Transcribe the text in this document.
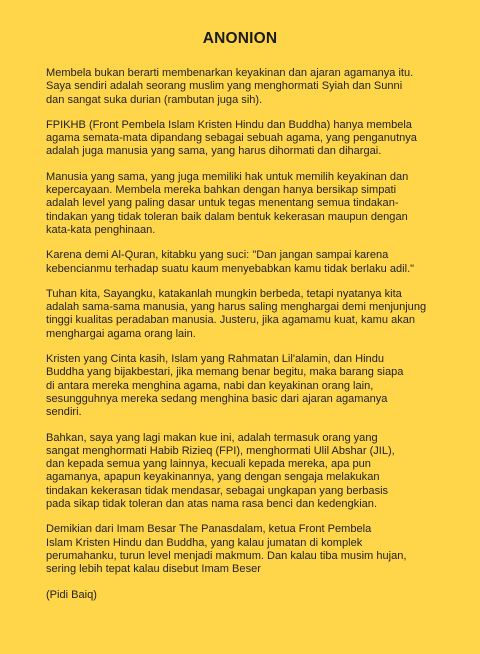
ANONION

Membela bukan berarti membenarkan keyakinan dan ajaran agamanya itu.
Saya sendiri adalah seorang muslim yang menghormati Syiah dan Sunni
dan sangat suka durian (rambutan juga sih).

FPIKHB (Front Pembela Islam Kristen Hindu dan Buddha) hanya membela
agama semata-mata dipandang sebagai sebuah agama, yang penganutnya
adalah juga manusia yang sama, yang harus dihormati dan dihargai.

Manusia yang sama, yang juga memiliki hak untuk memilih keyakinan dan
kepercayaan. Membela mereka bahkan dengan hanya bersikap simpati
adalah level yang paling dasar untuk tegas menentang semua tindakan-
tindakan yang tidak toleran baik dalam bentuk kekerasan maupun dengan
kata-kata penghinaan.

Karena demi Al-Quran, kitabku yang suci: "Dan jangan sampai karena
kebencianmu terhadap suatu kaum menyebabkan kamu tidak berlaku adil."

Tuhan kita, Sayangku, katakanlah mungkin berbeda, tetapi nyatanya kita
adalah sama-sama manusia, yang harus saling menghargai demi menjunjung
tinggi kualitas peradaban manusia. Justeru, jika agamamu kuat, kamu akan
menghargai agama orang lain.

Kristen yang Cinta kasih, Islam yang Rahmatan Lil'alamin, dan Hindu
Buddha yang bijakbestari, jika memang benar begitu, maka barang siapa
di antara mereka menghina agama, nabi dan keyakinan orang lain,
sesungguhnya mereka sedang menghina basic dari ajaran agamanya
sendiri.

Bahkan, saya yang lagi makan kue ini, adalah termasuk orang yang
sangat menghormati Habib Rizieq (FPI), menghormati Ulil Abshar (JIL),
dan kepada semua yang lainnya, kecuali kepada mereka, apa pun
agamanya, apapun keyakinannya, yang dengan sengaja melakukan
tindakan kekerasan tidak mendasar, sebagai ungkapan yang berbasis
pada sikap tidak toleran dan atas nama rasa benci dan kedengkian.

Demikian dari Imam Besar The Panasdalam, ketua Front Pembela
Islam Kristen Hindu dan Buddha, yang kalau jumatan di komplek
perumahanku, turun level menjadi makmum. Dan kalau tiba musim hujan,
sering lebih tepat kalau disebut Imam Beser

(Pidi Baiq)
